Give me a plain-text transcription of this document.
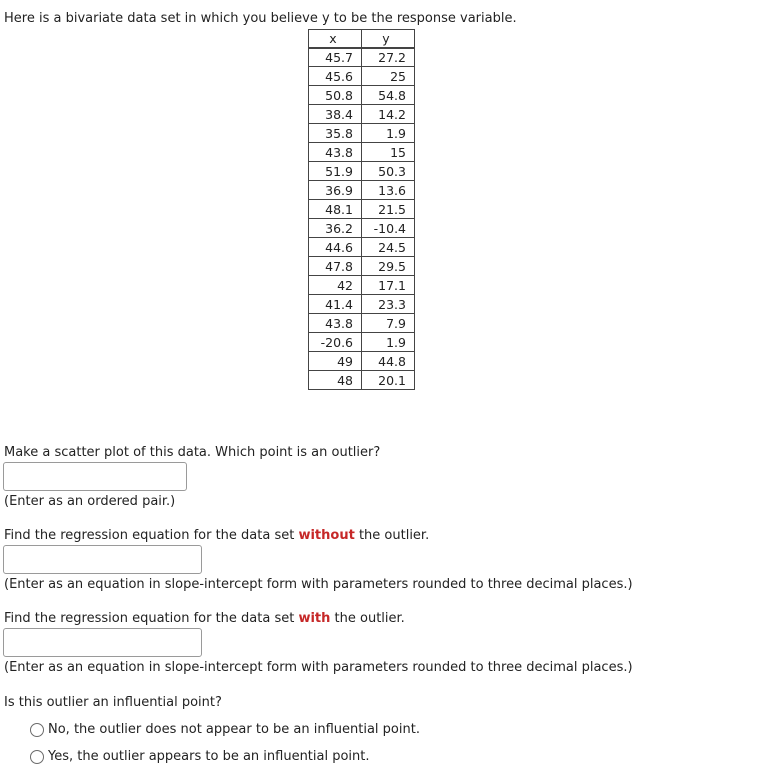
Here is a bivariate data set in which you believe y to be the response variable.
x	y
45.7	27.2
45.6	25
50.8	54.8
38.4	14.2
35.8	1.9
43.8	15
51.9	50.3
36.9	13.6
48.1	21.5
36.2	-10.4
44.6	24.5
47.8	29.5
42	17.1
41.4	23.3
43.8	7.9
-20.6	1.9
49	44.8
48	20.1
Make a scatter plot of this data. Which point is an outlier?
(Enter as an ordered pair.)
Find the regression equation for the data set without the outlier.
(Enter as an equation in slope-intercept form with parameters rounded to three decimal places.)
Find the regression equation for the data set with the outlier.
(Enter as an equation in slope-intercept form with parameters rounded to three decimal places.)
Is this outlier an influential point?
No, the outlier does not appear to be an influential point.
Yes, the outlier appears to be an influential point.
